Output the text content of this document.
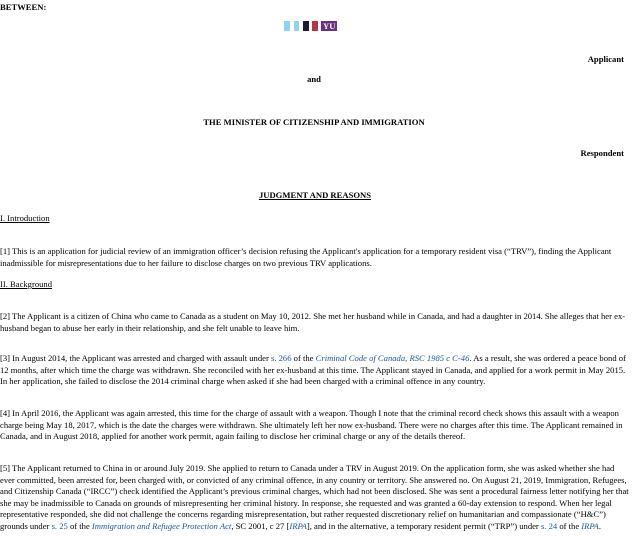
BETWEEN:
YU
Applicant
and
THE MINISTER OF CITIZENSHIP AND IMMIGRATION
Respondent
JUDGMENT AND REASONS
I. Introduction
[1] This is an application for judicial review of an immigration officer’s decision refusing the Applicant's application for a temporary resident visa (“TRV”), finding the Applicant inadmissible for misrepresentations due to her failure to disclose charges on two previous TRV applications.
II. Background
[2] The Applicant is a citizen of China who came to Canada as a student on May 10, 2012. She met her husband while in Canada, and had a daughter in 2014. She alleges that her ex-husband began to abuse her early in their relationship, and she felt unable to leave him.
[3] In August 2014, the Applicant was arrested and charged with assault under s. 266 of the Criminal Code of Canada, RSC 1985 c C-46. As a result, she was ordered a peace bond of 12 months, after which time the charge was withdrawn. She reconciled with her ex-husband at this time. The Applicant stayed in Canada, and applied for a work permit in May 2015. In her application, she failed to disclose the 2014 criminal charge when asked if she had been charged with a criminal offence in any country.
[4] In April 2016, the Applicant was again arrested, this time for the charge of assault with a weapon. Though I note that the criminal record check shows this assault with a weapon charge being May 18, 2017, which is the date the charges were withdrawn. She ultimately left her now ex-husband. There were no charges after this time. The Applicant remained in Canada, and in August 2018, applied for another work permit, again failing to disclose her criminal charge or any of the details thereof.
[5] The Applicant returned to China in or around July 2019. She applied to return to Canada under a TRV in August 2019. On the application form, she was asked whether she had ever committed, been arrested for, been charged with, or convicted of any criminal offence, in any country or territory. She answered no. On August 21, 2019, Immigration, Refugees, and Citizenship Canada (“IRCC”) check identified the Applicant’s previous criminal charges, which had not been disclosed. She was sent a procedural fairness letter notifying her that she may be inadmissible to Canada on grounds of misrepresenting her criminal history. In response, she requested and was granted a 60-day extension to respond. When her legal representative responded, she did not challenge the concerns regarding misrepresentation, but rather requested discretionary relief on humanitarian and compassionate (“H&C”) grounds under s. 25 of the Immigration and Refugee Protection Act, SC 2001, c 27 [IRPA], and in the alternative, a temporary resident permit (“TRP”) under s. 24 of the IRPA.
